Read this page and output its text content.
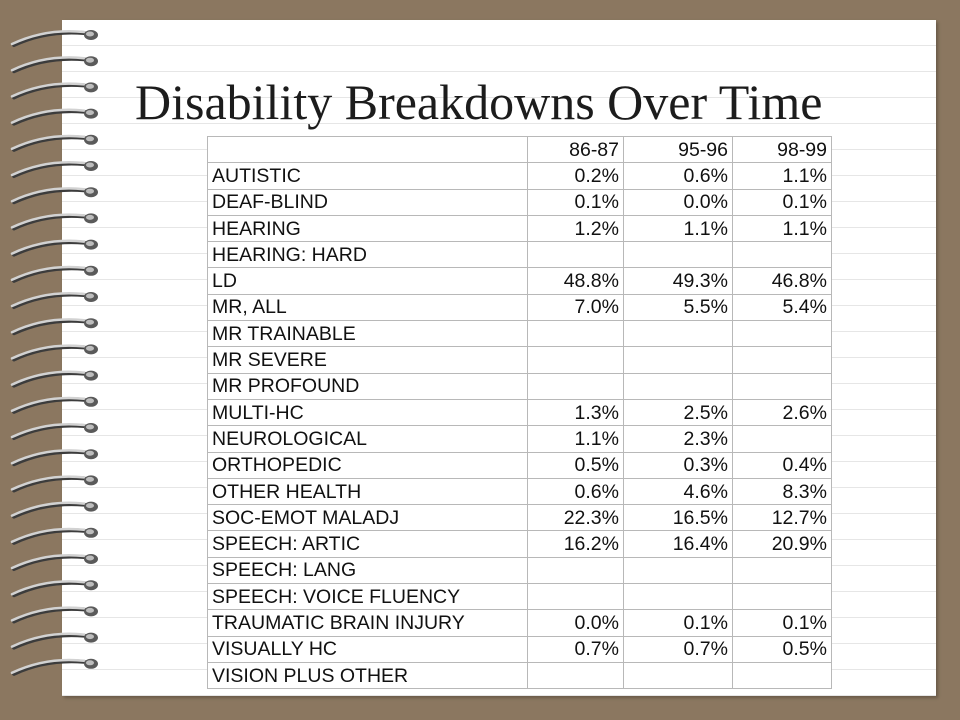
Disability Breakdowns Over Time
	86-87	95-96	98-99
AUTISTIC	0.2%	0.6%	1.1%
DEAF-BLIND	0.1%	0.0%	0.1%
HEARING	1.2%	1.1%	1.1%
HEARING: HARD			
LD	48.8%	49.3%	46.8%
MR, ALL	7.0%	5.5%	5.4%
MR TRAINABLE			
MR SEVERE			
MR PROFOUND			
MULTI-HC	1.3%	2.5%	2.6%
NEUROLOGICAL	1.1%	2.3%	
ORTHOPEDIC	0.5%	0.3%	0.4%
OTHER HEALTH	0.6%	4.6%	8.3%
SOC-EMOT MALADJ	22.3%	16.5%	12.7%
SPEECH: ARTIC	16.2%	16.4%	20.9%
SPEECH: LANG			
SPEECH: VOICE FLUENCY			
TRAUMATIC BRAIN INJURY	0.0%	0.1%	0.1%
VISUALLY HC	0.7%	0.7%	0.5%
VISION PLUS OTHER			
